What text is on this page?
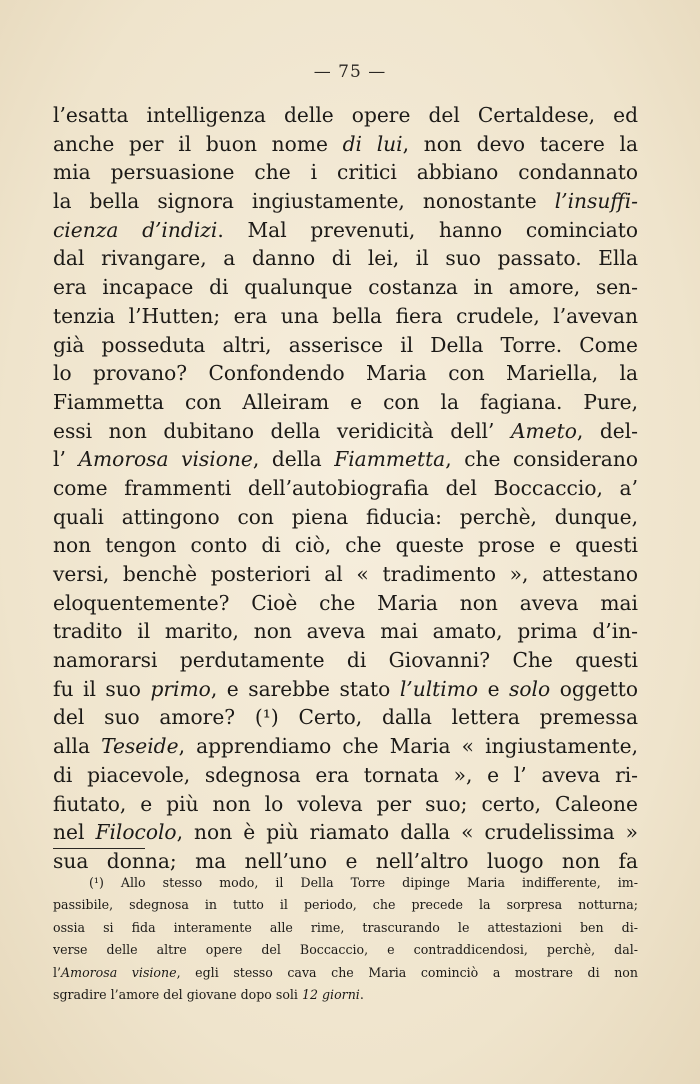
— 75 —
l’esatta intelligenza delle opere del Certaldese, ed
anche per il buon nome di lui, non devo tacere la
mia persuasione che i critici abbiano condannato
la bella signora ingiustamente, nonostante l’insuffi-
cienza d’indizi. Mal prevenuti, hanno cominciato
dal rivangare, a danno di lei, il suo passato. Ella
era incapace di qualunque costanza in amore, sen-
tenzia l’Hutten; era una bella fiera crudele, l’avevan
già posseduta altri, asserisce il Della Torre. Come
lo provano? Confondendo Maria con Mariella, la
Fiammetta con Alleiram e con la fagiana. Pure,
essi non dubitano della veridicità dell’ Ameto, del-
l’ Amorosa visione, della Fiammetta, che considerano
come frammenti dell’autobiografia del Boccaccio, a’
quali attingono con piena fiducia: perchè, dunque,
non tengon conto di ciò, che queste prose e questi
versi, benchè posteriori al « tradimento », attestano
eloquentemente? Cioè che Maria non aveva mai
tradito il marito, non aveva mai amato, prima d’in-
namorarsi perdutamente di Giovanni? Che questi
fu il suo primo, e sarebbe stato l’ultimo e solo oggetto
del suo amore? (¹) Certo, dalla lettera premessa
alla Teseide, apprendiamo che Maria « ingiustamente,
di piacevole, sdegnosa era tornata », e l’ aveva ri-
fiutato, e più non lo voleva per suo; certo, Caleone
nel Filocolo, non è più riamato dalla « crudelissima »
sua donna; ma nell’uno e nell’altro luogo non fa
(¹) Allo stesso modo, il Della Torre dipinge Maria indifferente, im-
passibile, sdegnosa in tutto il periodo, che precede la sorpresa notturna;
ossia si fida interamente alle rime, trascurando le attestazioni ben di-
verse delle altre opere del Boccaccio, e contraddicendosi, perchè, dal-
l’Amorosa visione, egli stesso cava che Maria cominciò a mostrare di non
sgradire l’amore del giovane dopo soli 12 giorni.
